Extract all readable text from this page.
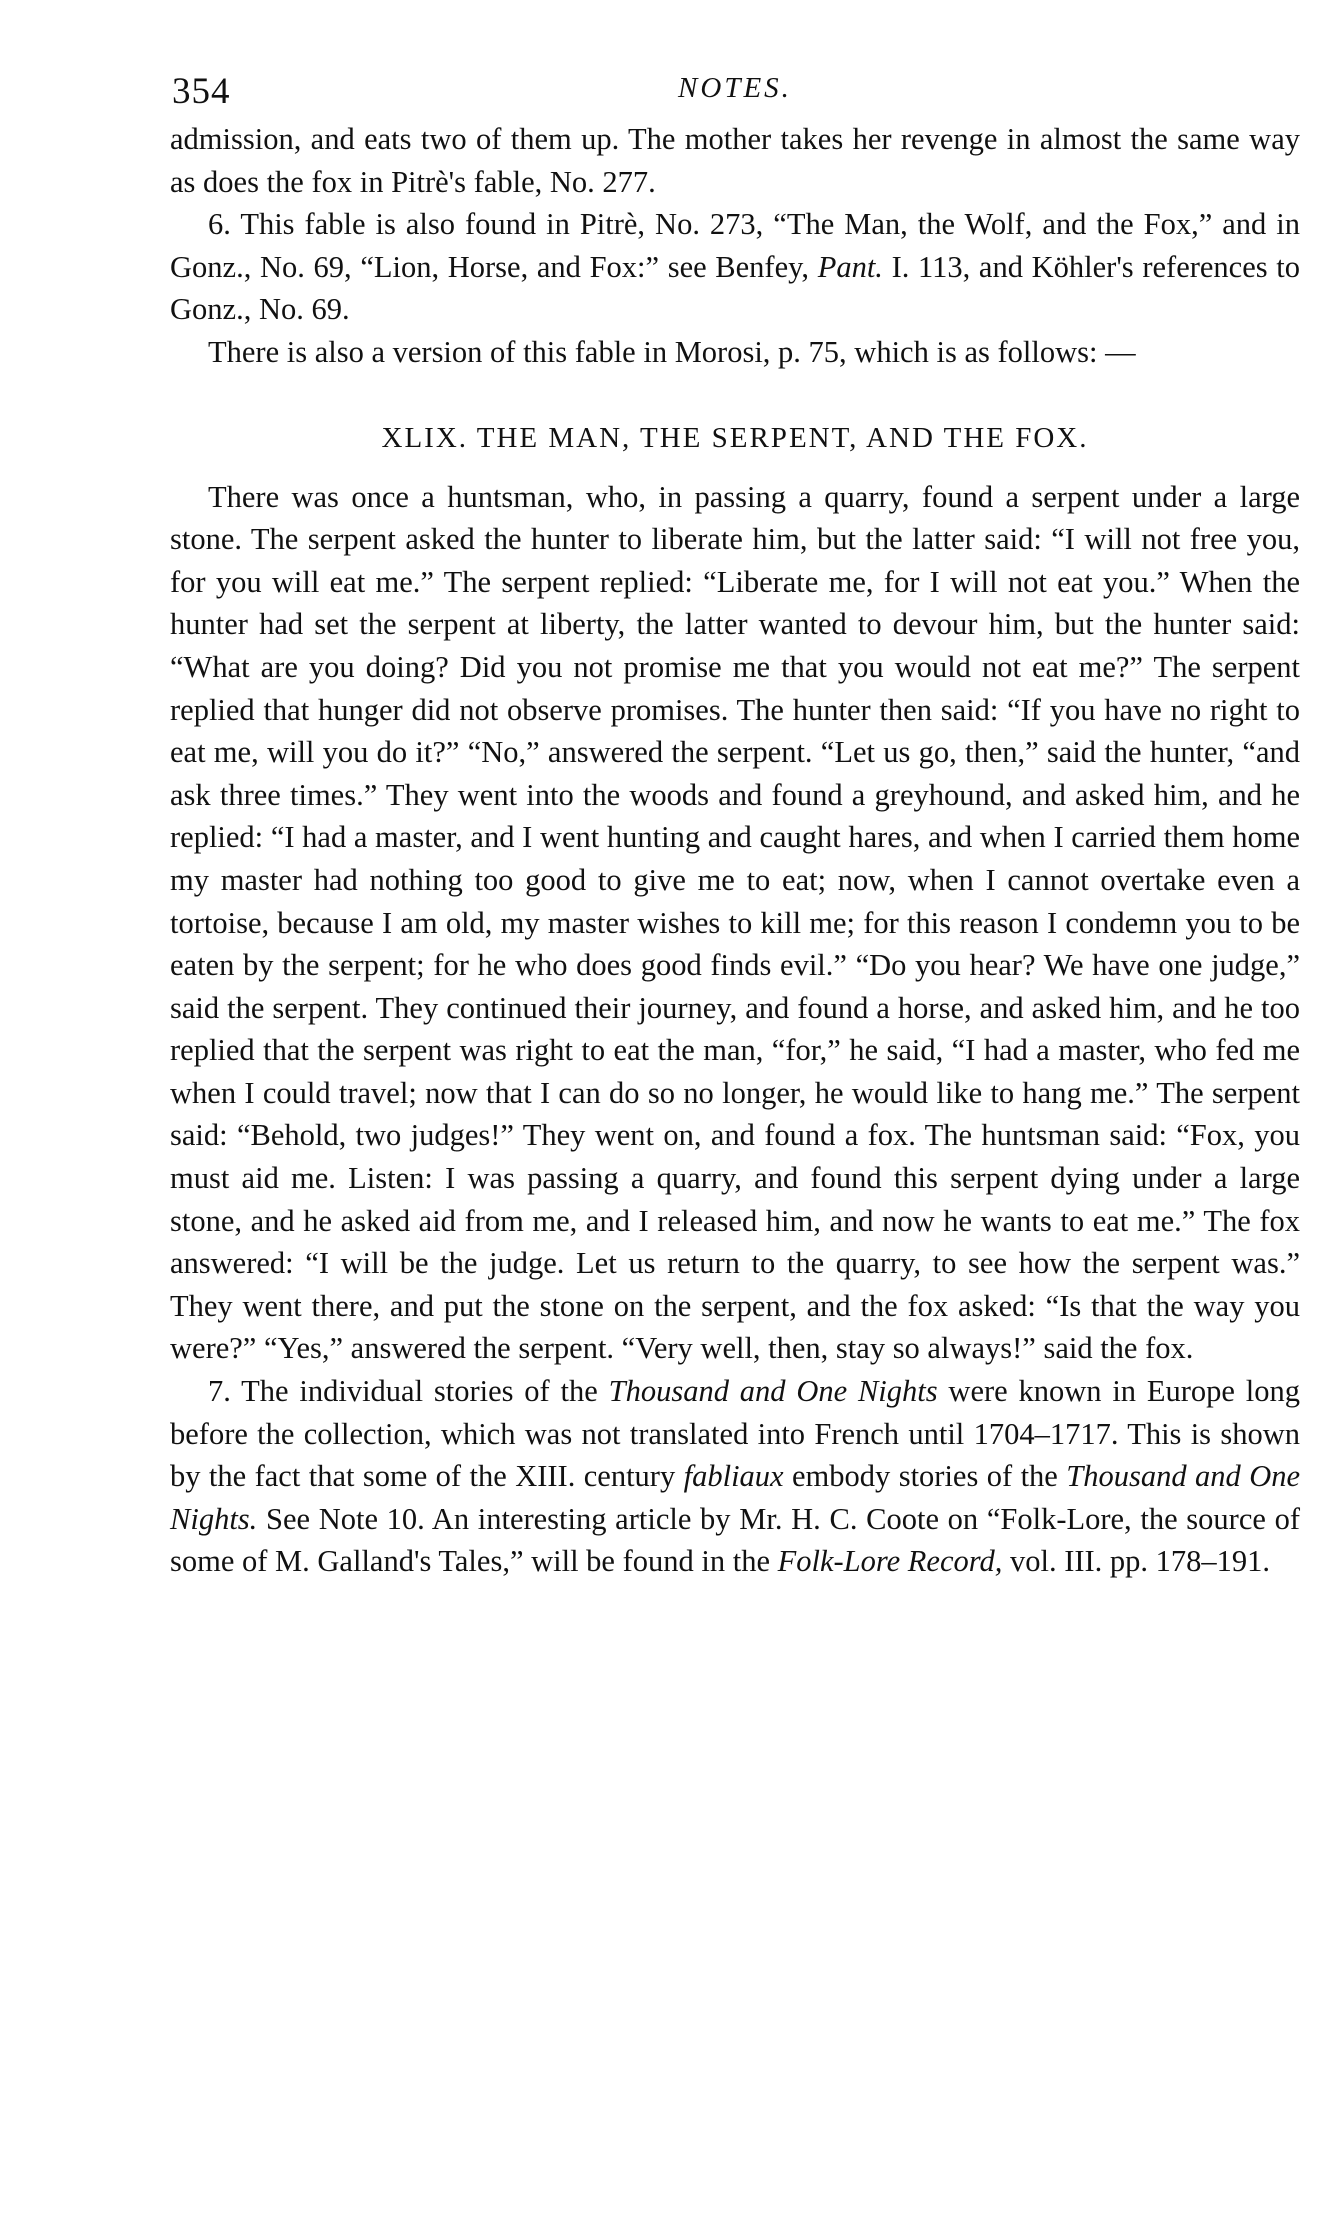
354	NOTES.

admission, and eats two of them up. The mother takes her revenge in almost the same way as does the fox in Pitrè's fable, No. 277.

6. This fable is also found in Pitrè, No. 273, “The Man, the Wolf, and the Fox,” and in Gonz., No. 69, “Lion, Horse, and Fox:” see Benfey, Pant. I. 113, and Köhler's references to Gonz., No. 69.

There is also a version of this fable in Morosi, p. 75, which is as follows: —

XLIX. THE MAN, THE SERPENT, AND THE FOX.

There was once a huntsman, who, in passing a quarry, found a serpent under a large stone. The serpent asked the hunter to liberate him, but the latter said: “I will not free you, for you will eat me.” The serpent replied: “Liberate me, for I will not eat you.” When the hunter had set the serpent at liberty, the latter wanted to devour him, but the hunter said: “What are you doing? Did you not promise me that you would not eat me?” The serpent replied that hunger did not observe promises. The hunter then said: “If you have no right to eat me, will you do it?” “No,” answered the serpent. “Let us go, then,” said the hunter, “and ask three times.” They went into the woods and found a greyhound, and asked him, and he replied: “I had a master, and I went hunting and caught hares, and when I carried them home my master had nothing too good to give me to eat; now, when I cannot overtake even a tortoise, because I am old, my master wishes to kill me; for this reason I condemn you to be eaten by the serpent; for he who does good finds evil.” “Do you hear? We have one judge,” said the serpent. They continued their journey, and found a horse, and asked him, and he too replied that the serpent was right to eat the man, “for,” he said, “I had a master, who fed me when I could travel; now that I can do so no longer, he would like to hang me.” The serpent said: “Behold, two judges!” They went on, and found a fox. The huntsman said: “Fox, you must aid me. Listen: I was passing a quarry, and found this serpent dying under a large stone, and he asked aid from me, and I released him, and now he wants to eat me.” The fox answered: “I will be the judge. Let us return to the quarry, to see how the serpent was.” They went there, and put the stone on the serpent, and the fox asked: “Is that the way you were?” “Yes,” answered the serpent. “Very well, then, stay so always!” said the fox.

7. The individual stories of the Thousand and One Nights were known in Europe long before the collection, which was not translated into French until 1704–1717. This is shown by the fact that some of the XIII. century fabliaux embody stories of the Thousand and One Nights. See Note 10. An interesting article by Mr. H. C. Coote on “Folk-Lore, the source of some of M. Galland's Tales,” will be found in the Folk-Lore Record, vol. III. pp. 178–191.
